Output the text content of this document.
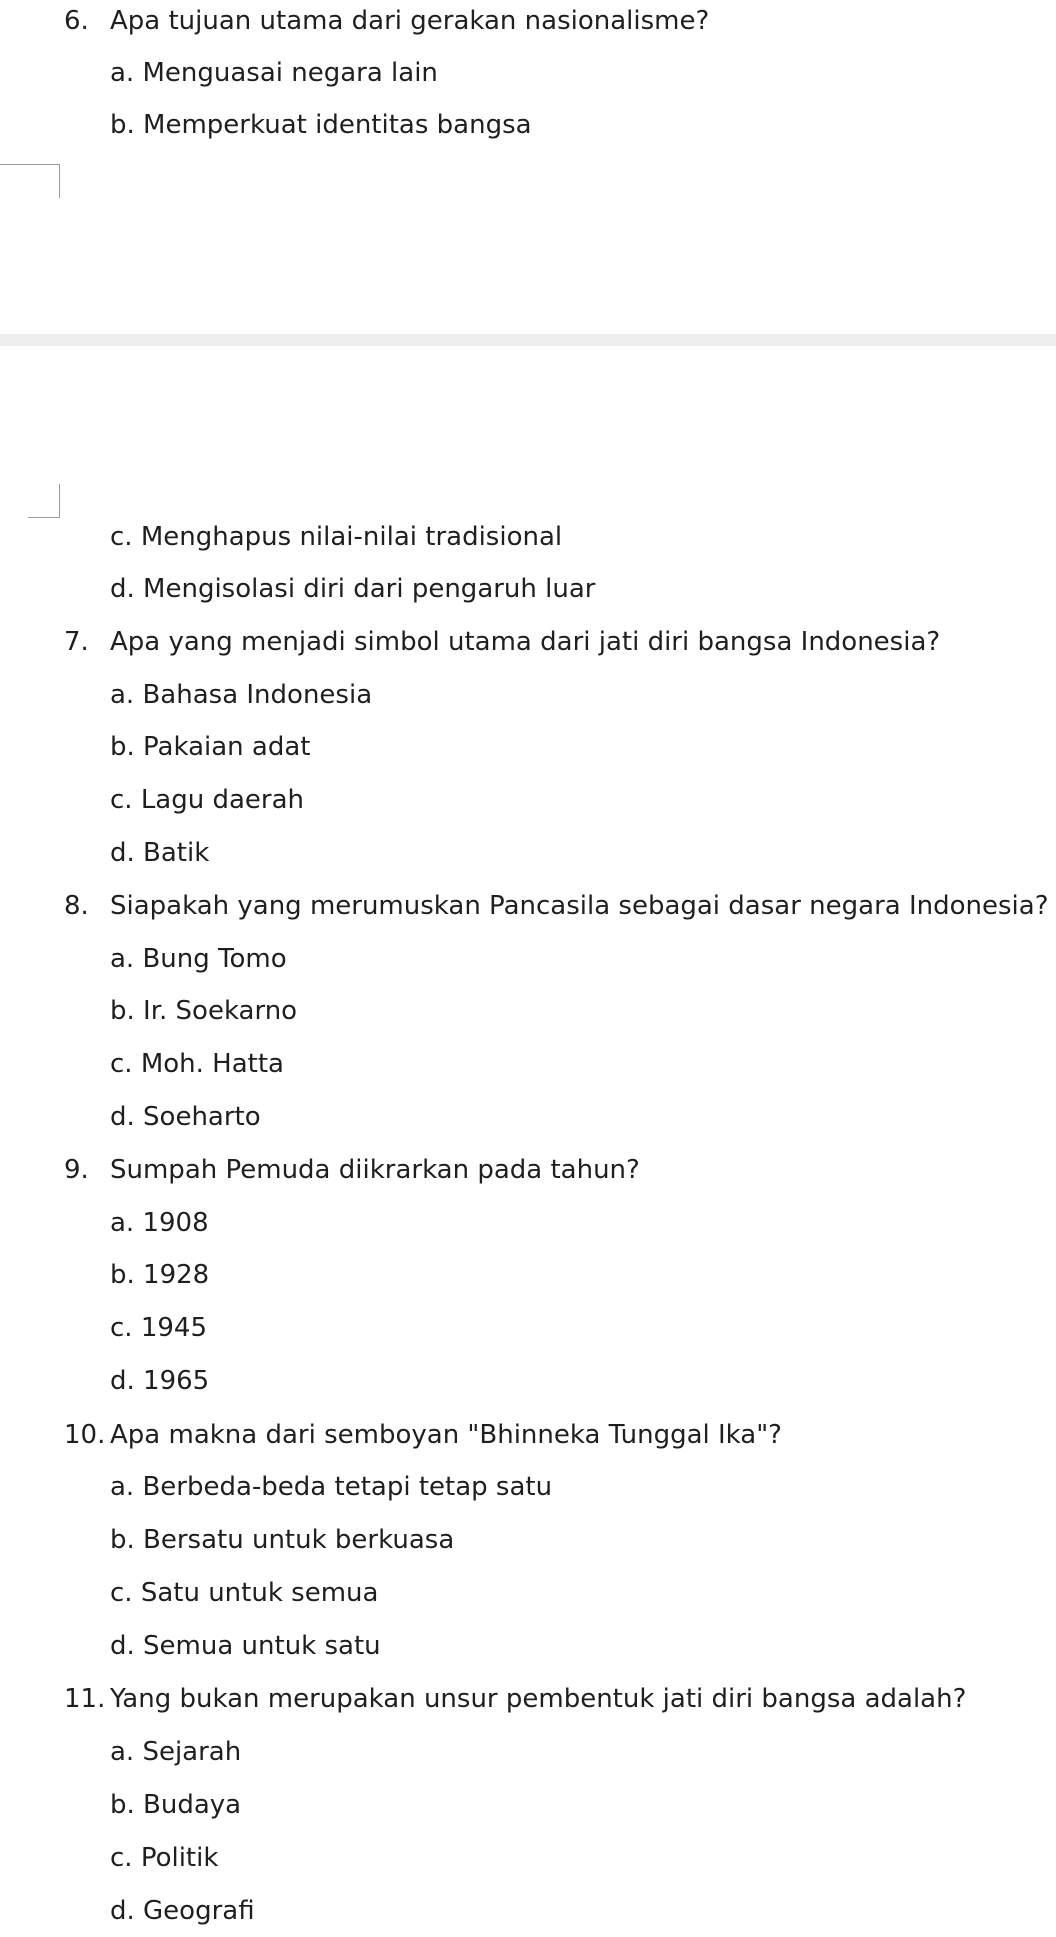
6. Apa tujuan utama dari gerakan nasionalisme?
a. Menguasai negara lain
b. Memperkuat identitas bangsa
c. Menghapus nilai-nilai tradisional
d. Mengisolasi diri dari pengaruh luar
7. Apa yang menjadi simbol utama dari jati diri bangsa Indonesia?
a. Bahasa Indonesia
b. Pakaian adat
c. Lagu daerah
d. Batik
8. Siapakah yang merumuskan Pancasila sebagai dasar negara Indonesia?
a. Bung Tomo
b. Ir. Soekarno
c. Moh. Hatta
d. Soeharto
9. Sumpah Pemuda diikrarkan pada tahun?
a. 1908
b. 1928
c. 1945
d. 1965
10. Apa makna dari semboyan "Bhinneka Tunggal Ika"?
a. Berbeda-beda tetapi tetap satu
b. Bersatu untuk berkuasa
c. Satu untuk semua
d. Semua untuk satu
11. Yang bukan merupakan unsur pembentuk jati diri bangsa adalah?
a. Sejarah
b. Budaya
c. Politik
d. Geografi
